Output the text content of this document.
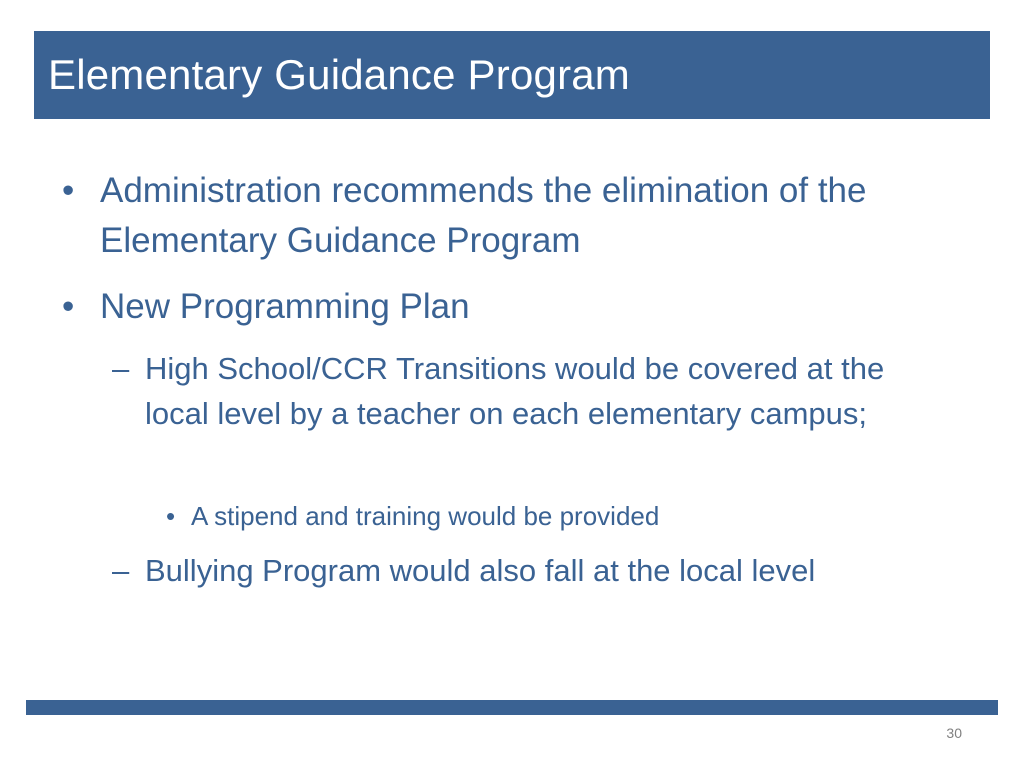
Elementary Guidance Program
• Administration recommends the elimination of the Elementary Guidance Program
• New Programming Plan
– High School/CCR Transitions would be covered at the local level by a teacher on each elementary campus;
• A stipend and training would be provided
– Bullying Program would also fall at the local level
30
